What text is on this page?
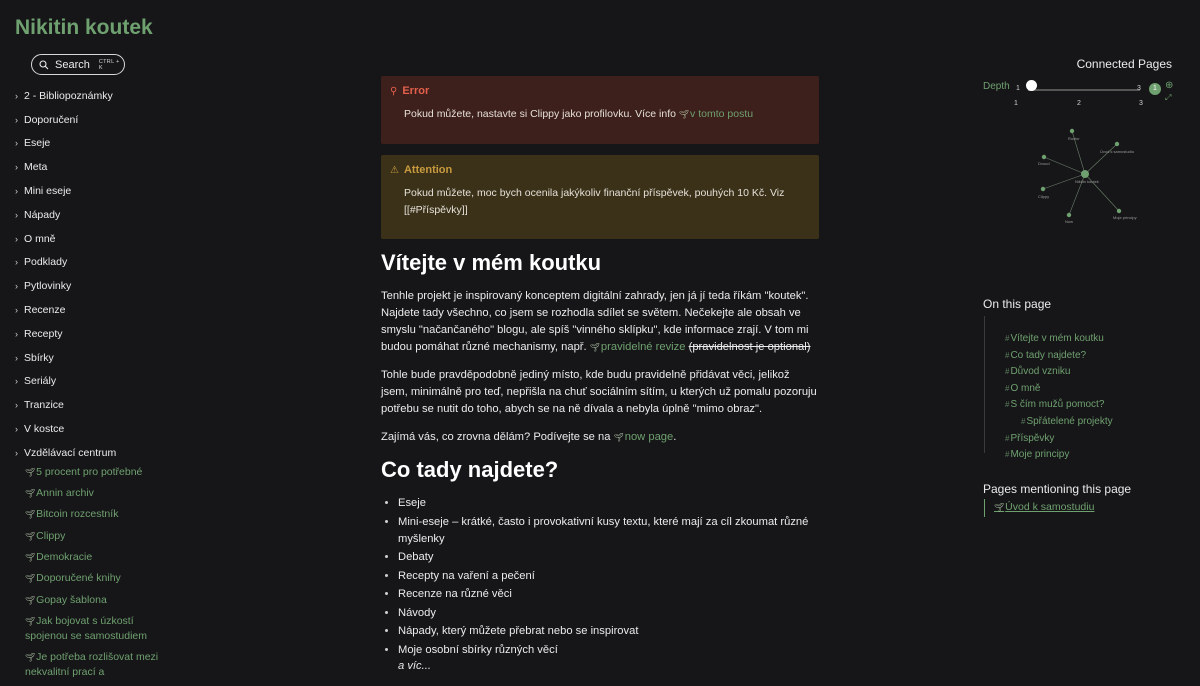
Nikitin koutek
Search CTRL + K
› 2 - Bibliopoznámky
› Doporučení
› Eseje
› Meta
› Mini eseje
› Nápady
› O mně
› Podklady
› Pytlovinky
› Recenze
› Recepty
› Sbírky
› Seriály
› Tranzice
› V kostce
› Vzdělávací centrum
🌱︎5 procent pro potřebné
🌱︎Annin archiv
🌱︎Bitcoin rozcestník
🌱︎Clippy
🌱︎Demokracie
🌱︎Doporučené knihy
🌱︎Gopay šablona
🌱︎Jak bojovat s úzkostí spojenou se samostudiem
🌱︎Je potřeba rozlišovat mezi nekvalitní prací a
⚲ Error
Pokud můžete, nastavte si Clippy jako profilovku. Více info 🌱︎v tomto postu
⚠ Attention
Pokud můžete, moc bych ocenila jakýkoliv finanční příspěvek, pouhých 10 Kč. Viz [[#Příspěvky]]
Vítejte v mém koutku

Tenhle projekt je inspirovaný konceptem digitální zahrady, jen já jí teda říkám "koutek". Najdete tady všechno, co jsem se rozhodla sdílet se světem. Nečekejte ale obsah ve smyslu "načančaného" blogu, ale spíš "vinného sklípku", kde informace zrají. V tom mi budou pomáhat různé mechanismy, např. 🌱︎pravidelné revize (pravidelnost je optional)

Tohle bude pravděpodobně jediný místo, kde budu pravidelně přidávat věci, jelikož jsem, minimálně pro teď, nepřišla na chuť sociálním sítím, u kterých už pomalu pozoruju potřebu se nutit do toho, abych se na ně dívala a nebyla úplně "mimo obraz".

Zajímá vás, co zrovna dělám? Podívejte se na 🌱︎now page.

Co tady najdete?
• Eseje
• Mini-eseje – krátké, často i provokativní kusy textu, které mají za cíl zkoumat různé myšlenky
• Debaty
• Recepty na vaření a pečení
• Recenze na různé věci
• Návody
• Nápady, který můžete přebrat nebo se inspirovat
• Moje osobní sbírky různých věcí
a víc...
Connected Pages
Depth 1	3	1 ⊕
⤢
1	2	3
Úvod k samostudiu
Rovlor
Dvoud
Clippy
Now
Moje principy
Nikitin koutek
On this page
#Vítejte v mém koutku
#Co tady najdete?
#Důvod vzniku
#O mně
#S čím mužů pomoct?
#Spřátelené projekty
#Příspěvky
#Moje principy
Pages mentioning this page
🌱︎Úvod k samostudiu
